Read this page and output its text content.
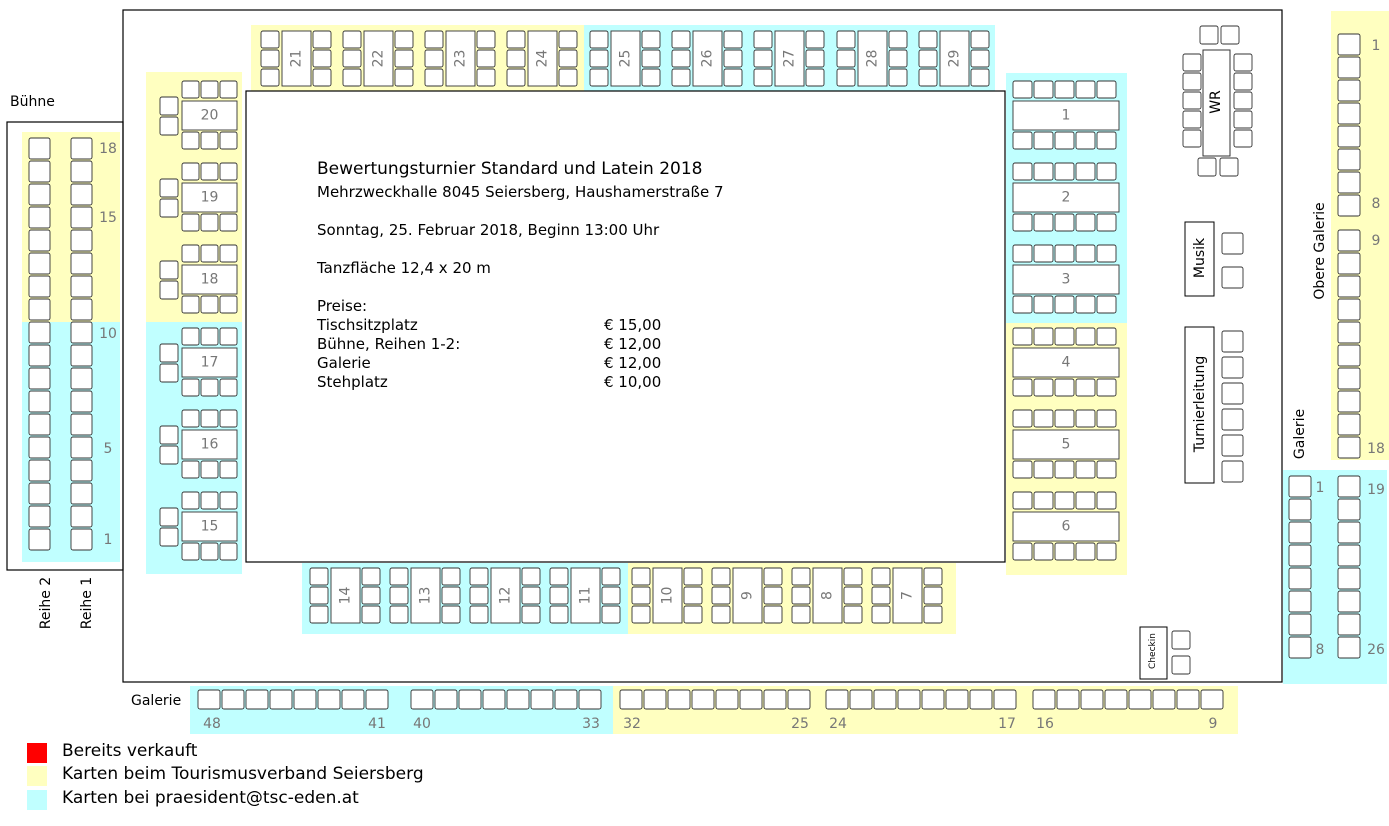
21	22	23	24	25	26	27	28	29
14	13	12	11	10	9	8	7
20
19
18
17
16
15
1
2
3
4
5
6
18
15
10
5
1
1
8
9
18
1	19
8	26
48	41 40	33 32	25 24	17 16	9
Bewertungsturnier Standard und Latein 2018
Mehrzweckhalle 8045 Seiersberg, Haushamerstraße 7
Sonntag, 25. Februar 2018, Beginn 13:00 Uhr
Tanzfläche 12,4 x 20 m
Preise:
Tischsitzplatz	€ 15,00
Bühne, Reihen 1-2:	€ 12,00
Galerie	€ 12,00
Stehplatz	€ 10,00
Bühne
Reihe 2 Reihe 1
Galerie
Galerie
Obere Galerie
WR
Musik
Turnierleitung
Checkin
Bereits verkauft
Karten beim Tourismusverband Seiersberg
Karten bei praesident@tsc-eden.at
